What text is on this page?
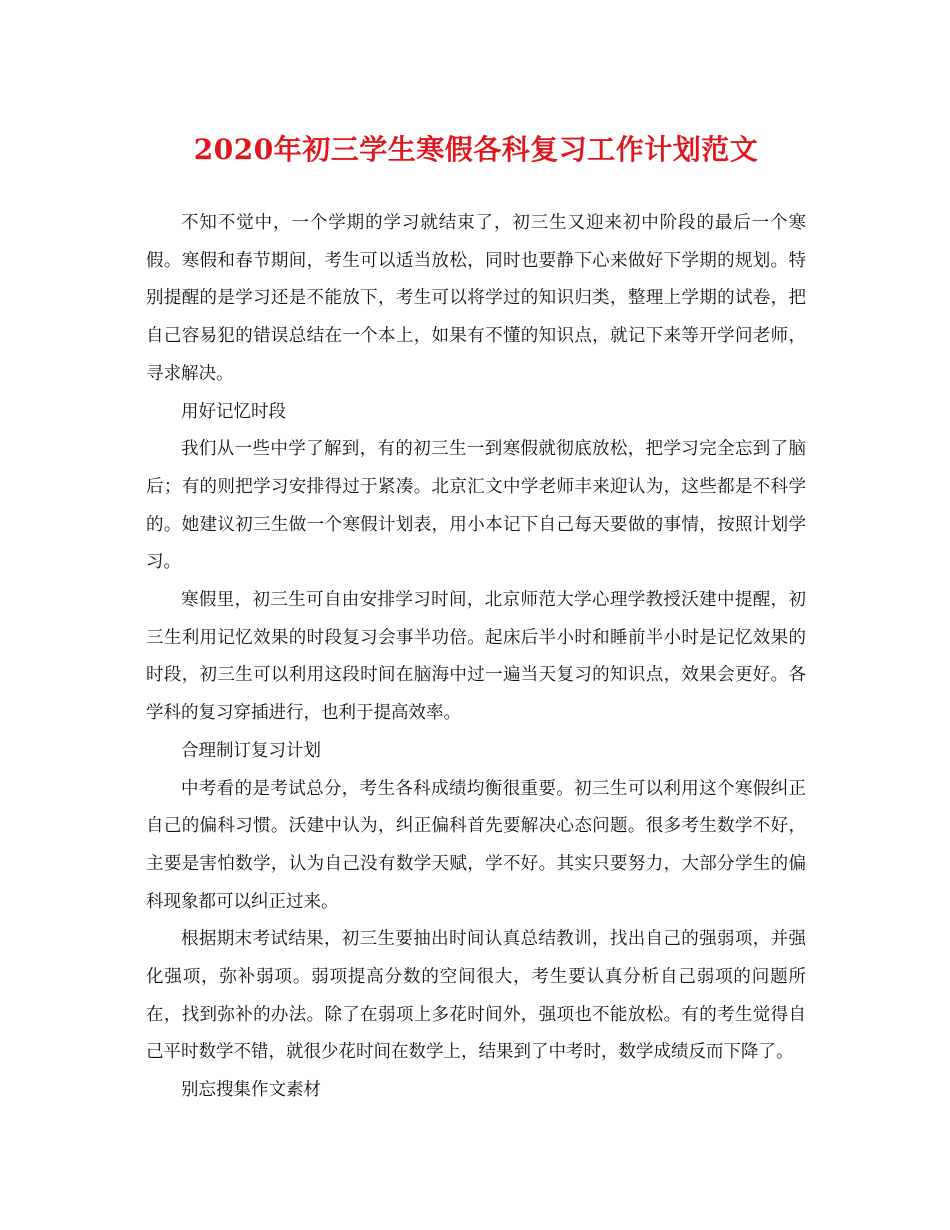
2020年初三学生寒假各科复习工作计划范文

不知不觉中，一个学期的学习就结束了，初三生又迎来初中阶段的最后一个寒假。寒假和春节期间，考生可以适当放松，同时也要静下心来做好下学期的规划。特别提醒的是学习还是不能放下，考生可以将学过的知识归类，整理上学期的试卷，把自己容易犯的错误总结在一个本上，如果有不懂的知识点，就记下来等开学问老师，寻求解决。

用好记忆时段

我们从一些中学了解到，有的初三生一到寒假就彻底放松，把学习完全忘到了脑后；有的则把学习安排得过于紧凑。北京汇文中学老师丰来迎认为，这些都是不科学的。她建议初三生做一个寒假计划表，用小本记下自己每天要做的事情，按照计划学习。

寒假里，初三生可自由安排学习时间，北京师范大学心理学教授沃建中提醒，初三生利用记忆效果的时段复习会事半功倍。起床后半小时和睡前半小时是记忆效果的时段，初三生可以利用这段时间在脑海中过一遍当天复习的知识点，效果会更好。各学科的复习穿插进行，也利于提高效率。

合理制订复习计划

中考看的是考试总分，考生各科成绩均衡很重要。初三生可以利用这个寒假纠正自己的偏科习惯。沃建中认为，纠正偏科首先要解决心态问题。很多考生数学不好，主要是害怕数学，认为自己没有数学天赋，学不好。其实只要努力，大部分学生的偏科现象都可以纠正过来。

根据期末考试结果，初三生要抽出时间认真总结教训，找出自己的强弱项，并强化强项，弥补弱项。弱项提高分数的空间很大，考生要认真分析自己弱项的问题所在，找到弥补的办法。除了在弱项上多花时间外，强项也不能放松。有的考生觉得自己平时数学不错，就很少花时间在数学上，结果到了中考时，数学成绩反而下降了。

别忘搜集作文素材
